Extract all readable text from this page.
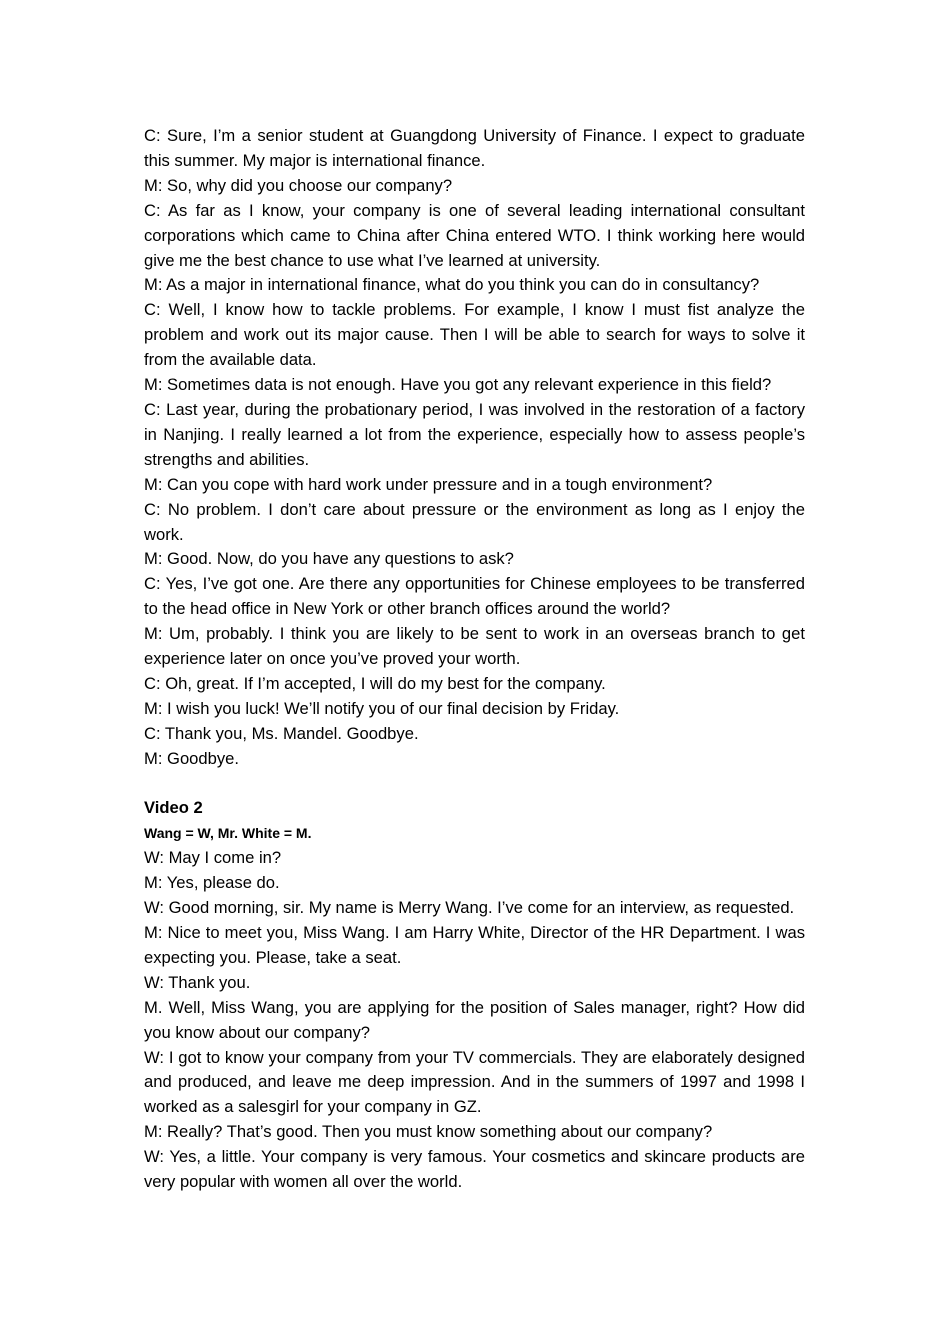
C: Sure, I’m a senior student at Guangdong University of Finance. I expect to graduate this summer. My major is international finance.

M: So, why did you choose our company?

C: As far as I know, your company is one of several leading international consultant corporations which came to China after China entered WTO. I think working here would give me the best chance to use what I’ve learned at university.

M: As a major in international finance, what do you think you can do in consultancy?

C: Well, I know how to tackle problems. For example, I know I must fist analyze the problem and work out its major cause. Then I will be able to search for ways to solve it from the available data.

M: Sometimes data is not enough. Have you got any relevant experience in this field?

C: Last year, during the probationary period, I was involved in the restoration of a factory in Nanjing. I really learned a lot from the experience, especially how to assess people’s strengths and abilities.

M: Can you cope with hard work under pressure and in a tough environment?

C: No problem. I don’t care about pressure or the environment as long as I enjoy the work.

M: Good. Now, do you have any questions to ask?

C: Yes, I’ve got one. Are there any opportunities for Chinese employees to be transferred to the head office in New York or other branch offices around the world?

M: Um, probably. I think you are likely to be sent to work in an overseas branch to get experience later on once you’ve proved your worth.

C: Oh, great. If I’m accepted, I will do my best for the company.

M: I wish you luck! We’ll notify you of our final decision by Friday.

C: Thank you, Ms. Mandel. Goodbye.

M: Goodbye.

Video 2

Wang = W, Mr. White = M.

W: May I come in?

M: Yes, please do.

W: Good morning, sir. My name is Merry Wang. I’ve come for an interview, as requested.

M: Nice to meet you, Miss Wang. I am Harry White, Director of the HR Department. I was expecting you. Please, take a seat.

W: Thank you.

M. Well, Miss Wang, you are applying for the position of Sales manager, right? How did you know about our company?

W: I got to know your company from your TV commercials. They are elaborately designed and produced, and leave me deep impression. And in the summers of 1997 and 1998 I worked as a salesgirl for your company in GZ.

M: Really? That’s good. Then you must know something about our company?

W: Yes, a little. Your company is very famous. Your cosmetics and skincare products are very popular with women all over the world.
